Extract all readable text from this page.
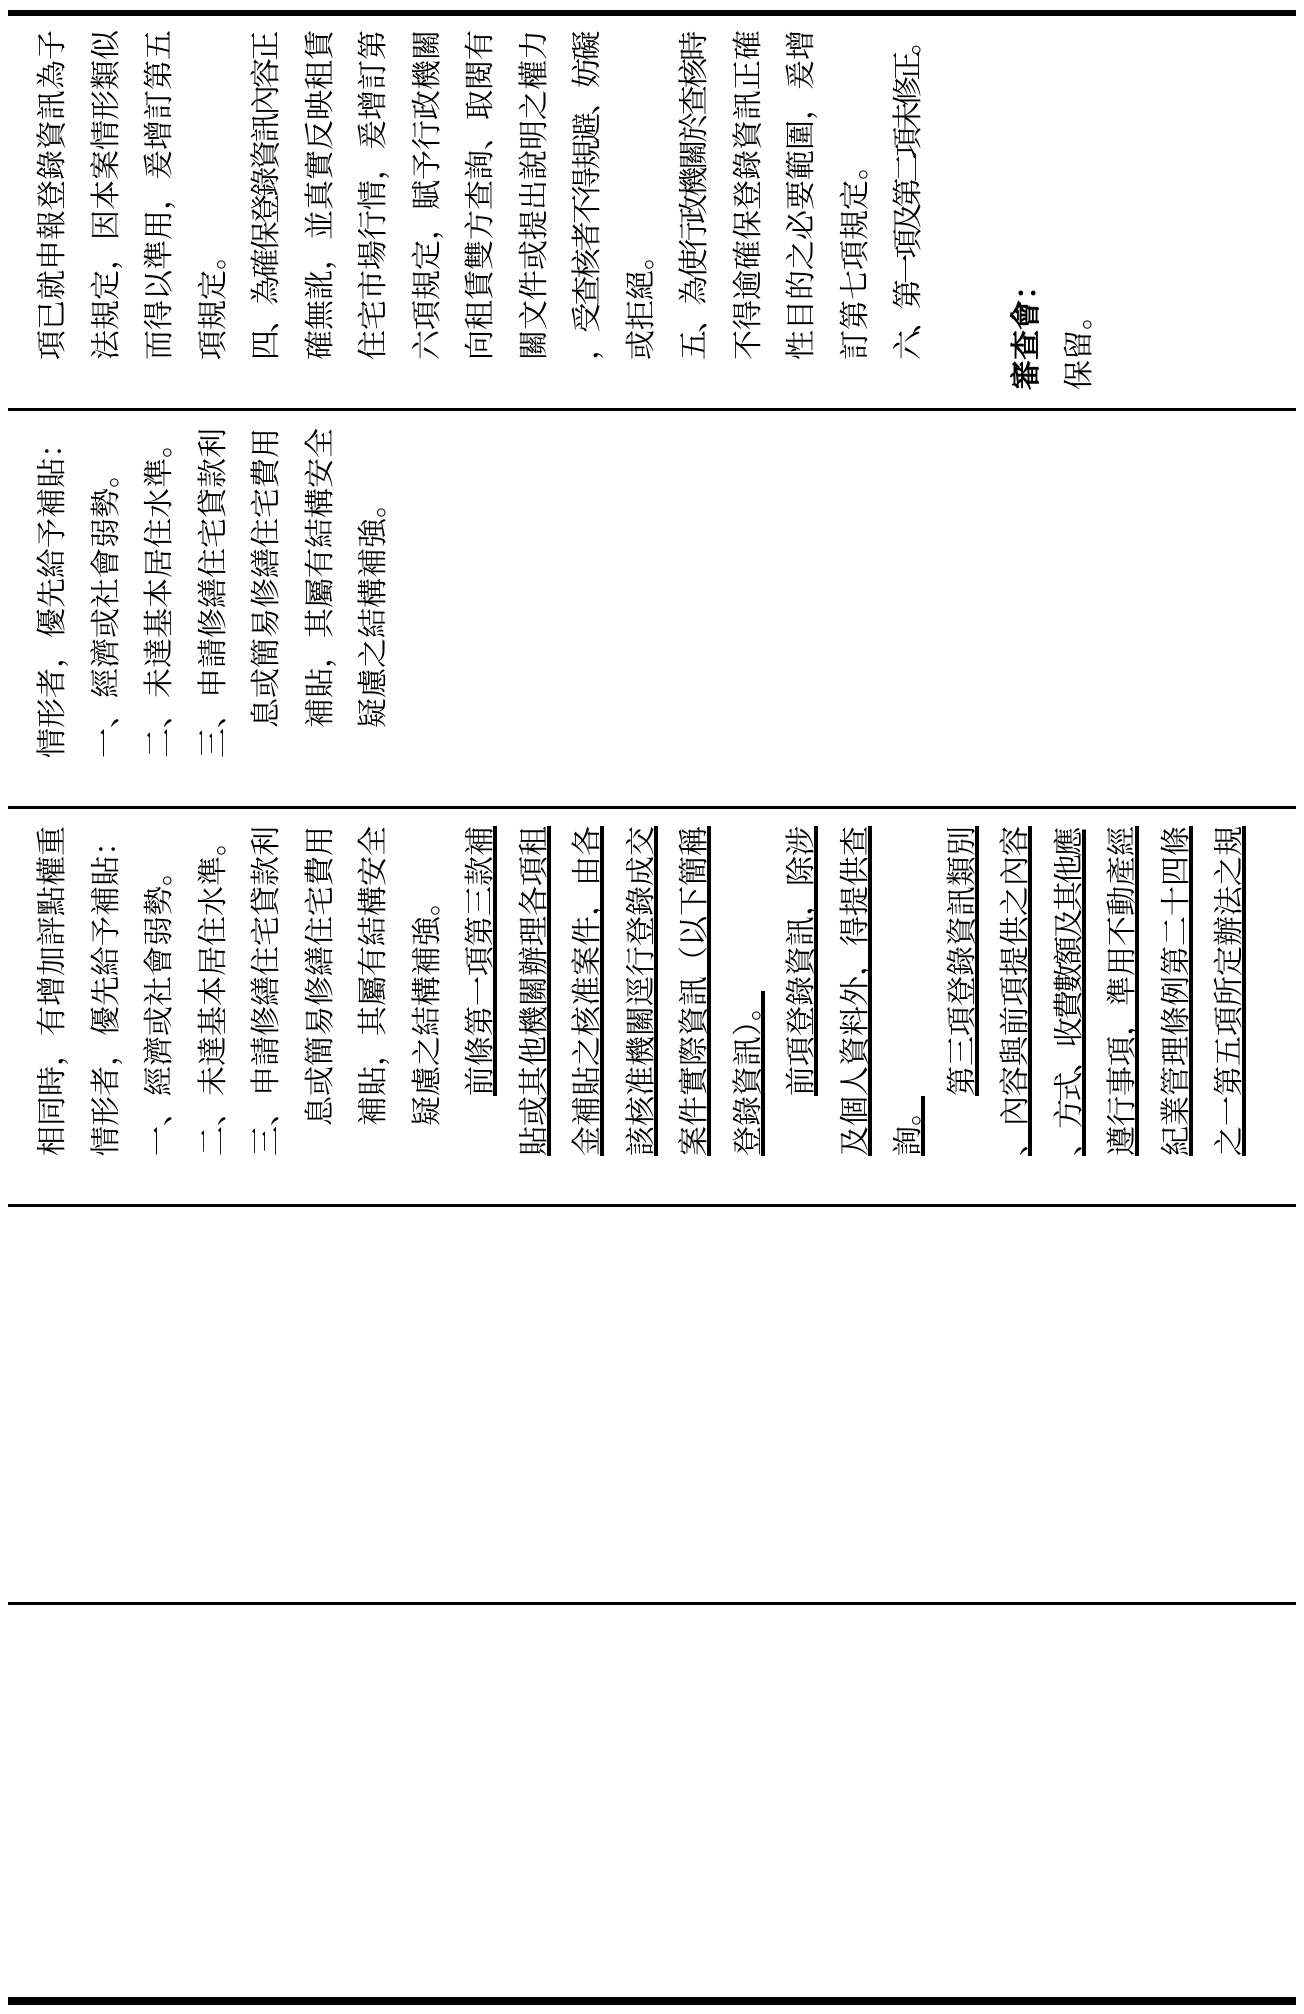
項已就申報登錄資訊為子 法規定，因本案情形類似 而得以準用，爰增訂第五 項規定。 四、為確保登錄資訊內容正 確無訛，並真實反映租賃 住宅市場行情，爰增訂第 六項規定，賦予行政機關 向租賃雙方查詢、取閱有 關文件或提出說明之權力 ，受查核者不得規避、妨礙 或拒絕。 五、為使行政機關於查核時 不得逾確保登錄資訊正確 性目的之必要範圍，爰增 訂第七項規定。 六、第一項及第二項未修正。	審查會： 保留。
情形者，優先給予補貼： 一、經濟或社會弱勢。 二、未達基本居住水準。 三、申請修繕住宅貸款利 息或簡易修繕住宅費用 補貼，其屬有結構安全 疑慮之結構補強。
相同時，有增加評點權重 情形者，優先給予補貼： 一、經濟或社會弱勢。 二、未達基本居住水準。 三、申請修繕住宅貸款利 息或簡易修繕住宅費用 補貼，其屬有結構安全 疑慮之結構補強。 前條第一項第三款補 貼或其他機關辦理各項租 金補貼之核准案件，由各 該核准機關逕行登錄成交 案件實際資訊（以下簡稱 登錄資訊）。 前項登錄資訊，除涉 及個人資料外，得提供查 詢。
第三項登錄資訊類別 、內容與前項提供之內容 、方式、收費數額及其他應 遵行事項，準用不動產經 紀業管理條例第二十四條 之一第五項所定辦法之規
